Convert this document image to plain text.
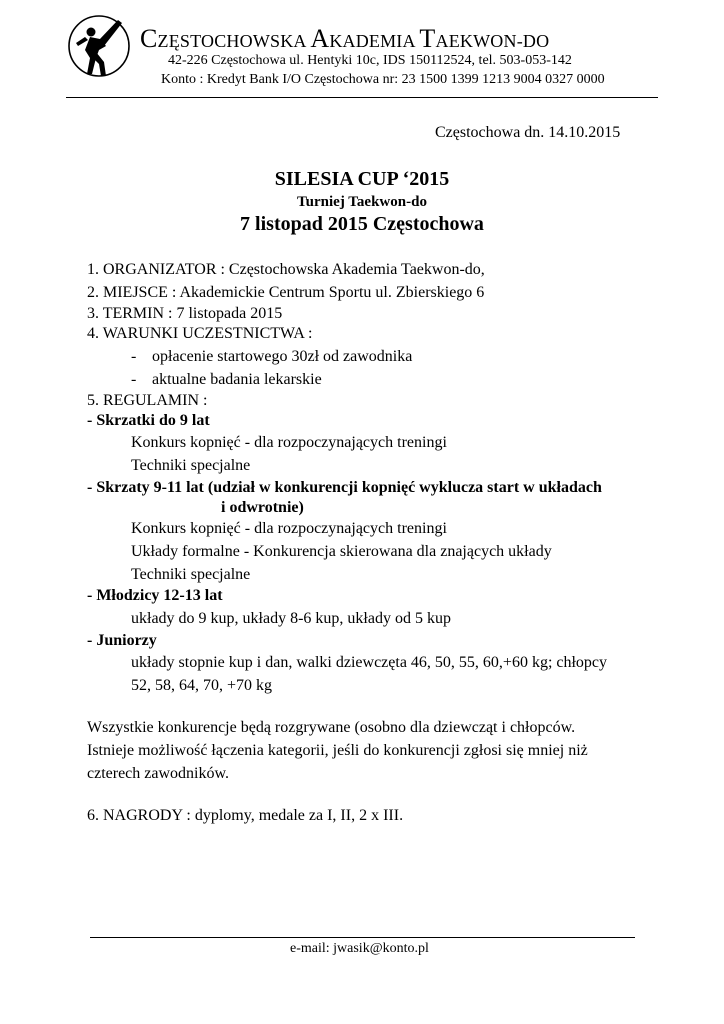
CZĘSTOCHOWSKA AKADEMIA TAEKWON-DO
42-226 Częstochowa ul. Hentyki 10c, IDS 150112524, tel. 503-053-142
Konto : Kredyt Bank I/O Częstochowa nr: 23 1500 1399 1213 9004 0327 0000
Częstochowa dn. 14.10.2015
SILESIA CUP ‘2015
Turniej Taekwon-do
7 listopad 2015 Częstochowa
1. ORGANIZATOR : Częstochowska Akademia Taekwon-do,
2. MIEJSCE : Akademickie Centrum Sportu ul. Zbierskiego 6
3. TERMIN : 7 listopada 2015
4. WARUNKI UCZESTNICTWA :
- opłacenie startowego 30zł od zawodnika
- aktualne badania lekarskie
5. REGULAMIN :
- Skrzatki do 9 lat
Konkurs kopnięć - dla rozpoczynających treningi
Techniki specjalne
- Skrzaty 9-11 lat (udział w konkurencji kopnięć wyklucza start w układach
i odwrotnie)
Konkurs kopnięć - dla rozpoczynających treningi
Układy formalne - Konkurencja skierowana dla znających układy
Techniki specjalne
- Młodzicy 12-13 lat
układy do 9 kup, układy 8-6 kup, układy od 5 kup
- Juniorzy
układy stopnie kup i dan, walki dziewczęta 46, 50, 55, 60,+60 kg; chłopcy
52, 58, 64, 70, +70 kg
Wszystkie konkurencje będą rozgrywane (osobno dla dziewcząt i chłopców.
Istnieje możliwość łączenia kategorii, jeśli do konkurencji zgłosi się mniej niż
czterech zawodników.
6. NAGRODY : dyplomy, medale za I, II, 2 x III.
e-mail: jwasik@konto.pl
